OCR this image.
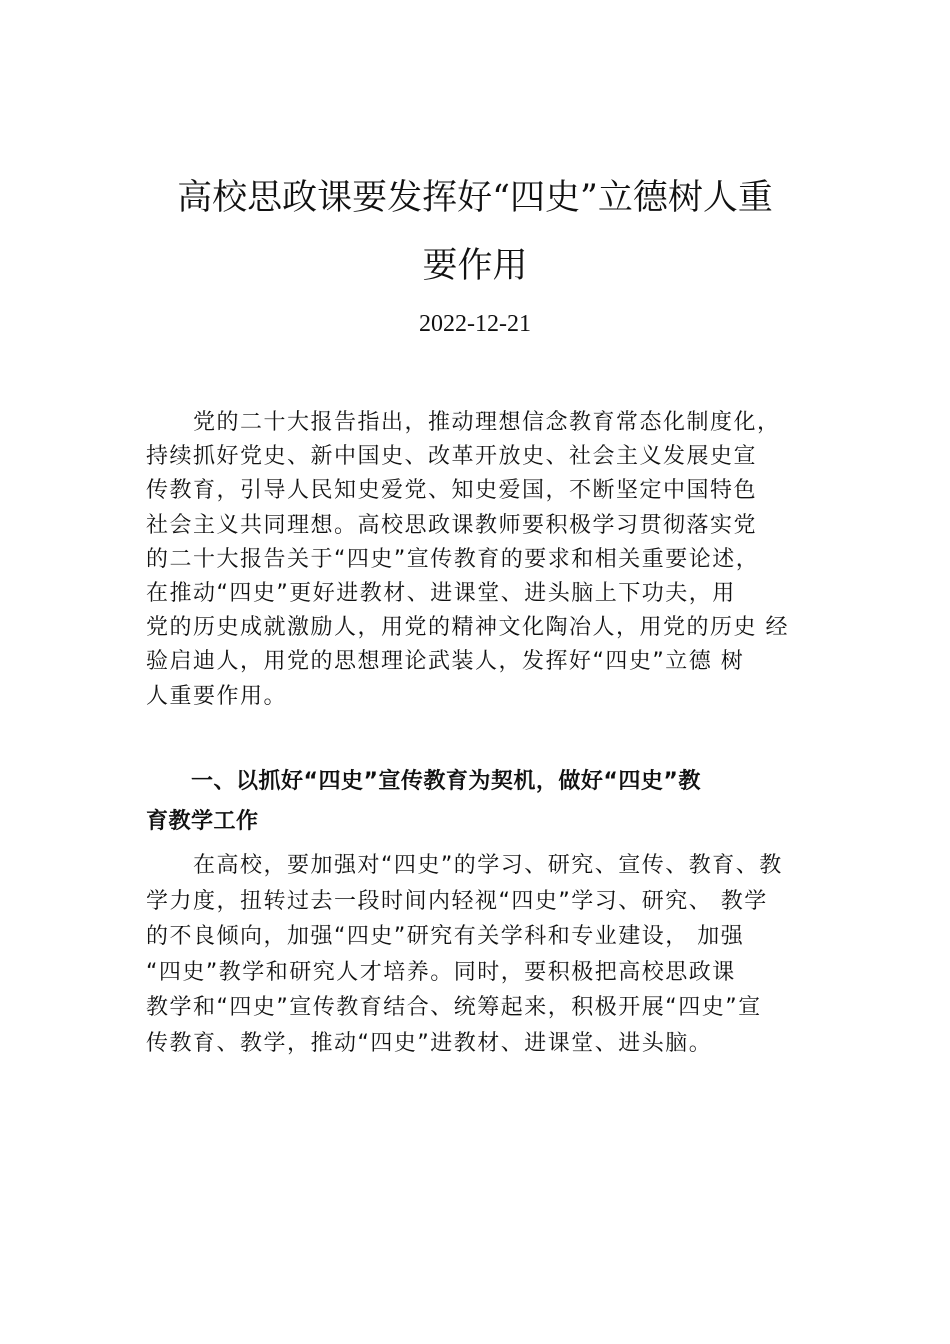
高校思政课要发挥好“四史”立德树人重
要作用
2022-12-21

　　党的二十大报告指出，推动理想信念教育常态化制度化，
持续抓好党史、新中国史、改革开放史、社会主义发展史宣
传教育，引导人民知史爱党、知史爱国，不断坚定中国特色
社会主义共同理想。高校思政课教师要积极学习贯彻落实党
的二十大报告关于“四史”宣传教育的要求和相关重要论述，
在推动“四史”更好进教材、进课堂、进头脑上下功夫，用
党的历史成就激励人，用党的精神文化陶冶人，用党的历史 经
验启迪人，用党的思想理论武装人，发挥好“四史”立德 树
人重要作用。

　　一、以抓好“四史”宣传教育为契机，做好“四史”教
育教学工作

　　在高校，要加强对“四史”的学习、研究、宣传、教育、教
学力度，扭转过去一段时间内轻视“四史”学习、研究、 教学
的不良倾向，加强“四史”研究有关学科和专业建设， 加强
“四史”教学和研究人才培养。同时，要积极把高校思政课
教学和“四史”宣传教育结合、统筹起来，积极开展“四史”宣
传教育、教学，推动“四史”进教材、进课堂、进头脑。
